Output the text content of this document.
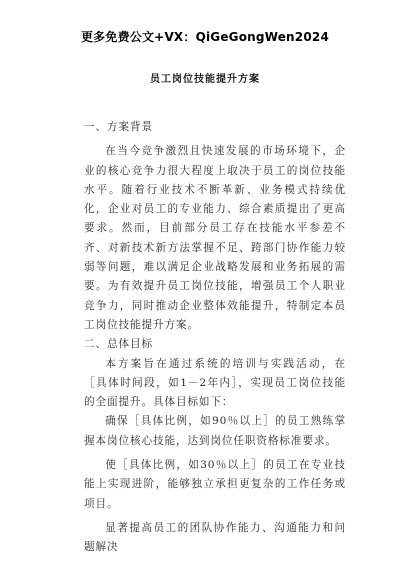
更多免费公文+VX：QiGeGongWen2024
员工岗位技能提升方案

一、方案背景

在当今竞争激烈且快速发展的市场环境下，企业的核心竞争力很大程度上取决于员工的岗位技能水平。随着行业技术不断革新、业务模式持续优化，企业对员工的专业能力、综合素质提出了更高要求。然而，目前部分员工存在技能水平参差不齐、对新技术新方法掌握不足、跨部门协作能力较弱等问题，难以满足企业战略发展和业务拓展的需要。为有效提升员工岗位技能，增强员工个人职业竞争力，同时推动企业整体效能提升，特制定本员工岗位技能提升方案。

二、总体目标

本方案旨在通过系统的培训与实践活动，在［具体时间段，如1－2年内］，实现员工岗位技能的全面提升。具体目标如下：

确保［具体比例，如90％以上］的员工熟练掌握本岗位核心技能，达到岗位任职资格标准要求。

使［具体比例，如30％以上］的员工在专业技能上实现进阶，能够独立承担更复杂的工作任务或项目。

显著提高员工的团队协作能力、沟通能力和问题解决
